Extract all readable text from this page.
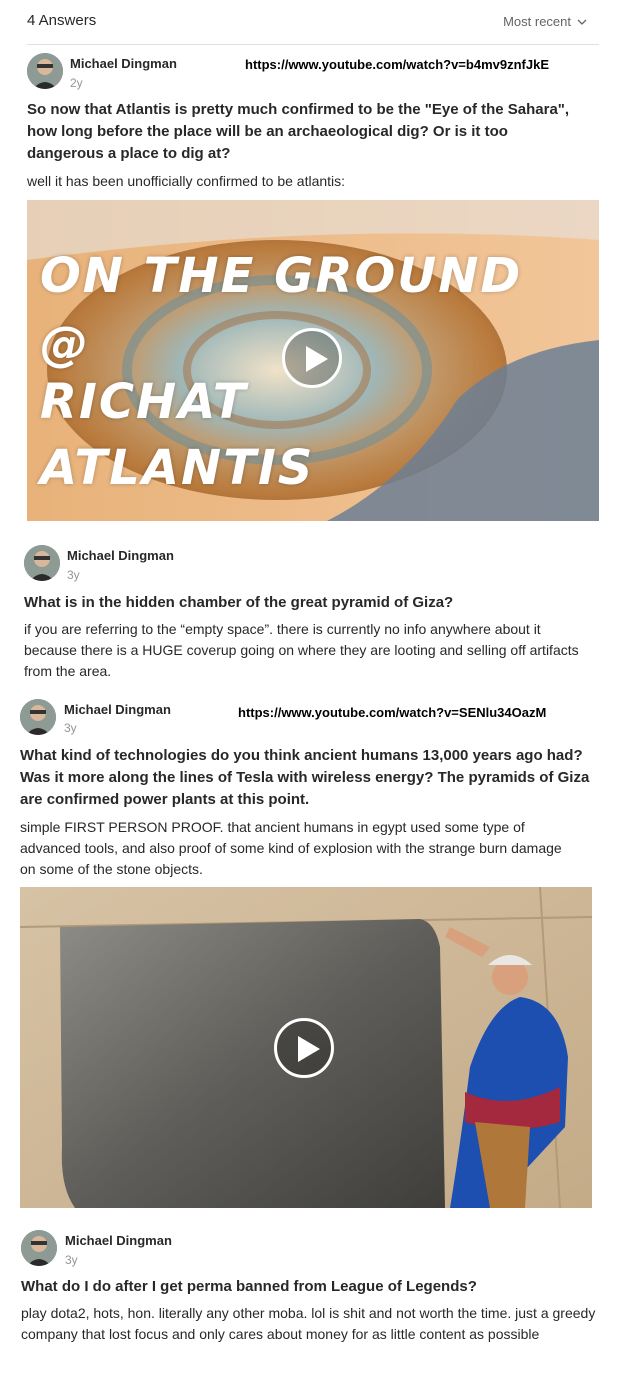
4 Answers	Most recent
Michael Dingman
2y
https://www.youtube.com/watch?v=b4mv9znfJkE
So now that Atlantis is pretty much confirmed to be the "Eye of the Sahara", how long before the place will be an archaeological dig? Or is it too dangerous a place to dig at?
well it has been unofficially confirmed to be atlantis:
ON THE GROUND
@
RICHAT
ATLANTIS
Michael Dingman
3y
What is in the hidden chamber of the great pyramid of Giza?
if you are referring to the “empty space”. there is currently no info anywhere about it because there is a HUGE coverup going on where they are looting and selling off artifacts from the area.
Michael Dingman
3y
https://www.youtube.com/watch?v=SENlu34OazM
What kind of technologies do you think ancient humans 13,000 years ago had? Was it more along the lines of Tesla with wireless energy? The pyramids of Giza are confirmed power plants at this point.
simple FIRST PERSON PROOF. that ancient humans in egypt used some type of advanced tools, and also proof of some kind of explosion with the strange burn damage on some of the stone objects.
Michael Dingman
3y
What do I do after I get perma banned from League of Legends?
play dota2, hots, hon. literally any other moba. lol is shit and not worth the time. just a greedy company that lost focus and only cares about money for as little content as possible
